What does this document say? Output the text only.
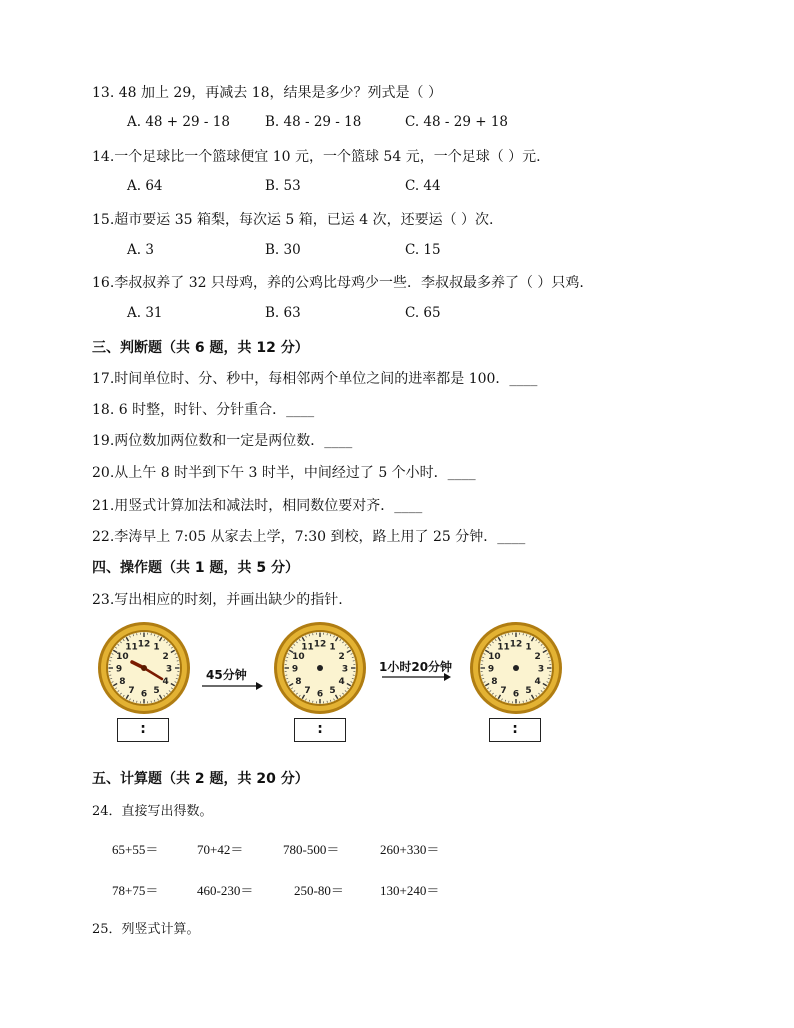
13. 48 加上 29，再减去 18，结果是多少？列式是（ ）
A. 48 + 29 - 18	B. 48 - 29 - 18	C. 48 - 29 + 18
14.一个足球比一个篮球便宜 10 元，一个篮球 54 元，一个足球（ ）元.
A. 64	B. 53	C. 44
15.超市要运 35 箱梨，每次运 5 箱，已运 4 次，还要运（ ）次.
A. 3	B. 30	C. 15
16.李叔叔养了 32 只母鸡，养的公鸡比母鸡少一些．李叔叔最多养了（ ）只鸡.
A. 31	B. 63	C. 65
三、判断题（共 6 题，共 12 分）
17.时间单位时、分、秒中，每相邻两个单位之间的进率都是 100．____
18. 6 时整，时针、分针重合．____
19.两位数加两位数和一定是两位数．____
20.从上午 8 时半到下午 3 时半，中间经过了 5 个小时．____
21.用竖式计算加法和减法时，相同数位要对齐．____
22.李涛早上 7:05 从家去上学，7:30 到校，路上用了 25 分钟．____
四、操作题（共 1 题，共 5 分）
23.写出相应的时刻，并画出缺少的指针.
12 1
2
3
4
5
6
7
8
9
10
11	12 1
2
3
4
5
6
7
8
9
10
11	12 1
2
3
4
5
6
7
8
9
10
11
45分钟
1小时20分钟
:	:	:
五、计算题（共 2 题，共 20 分）
24．直接写出得数。
65+55＝	70+42＝	780-500＝	260+330＝
78+75＝	460-230＝	250-80＝	130+240＝
25．列竖式计算。
